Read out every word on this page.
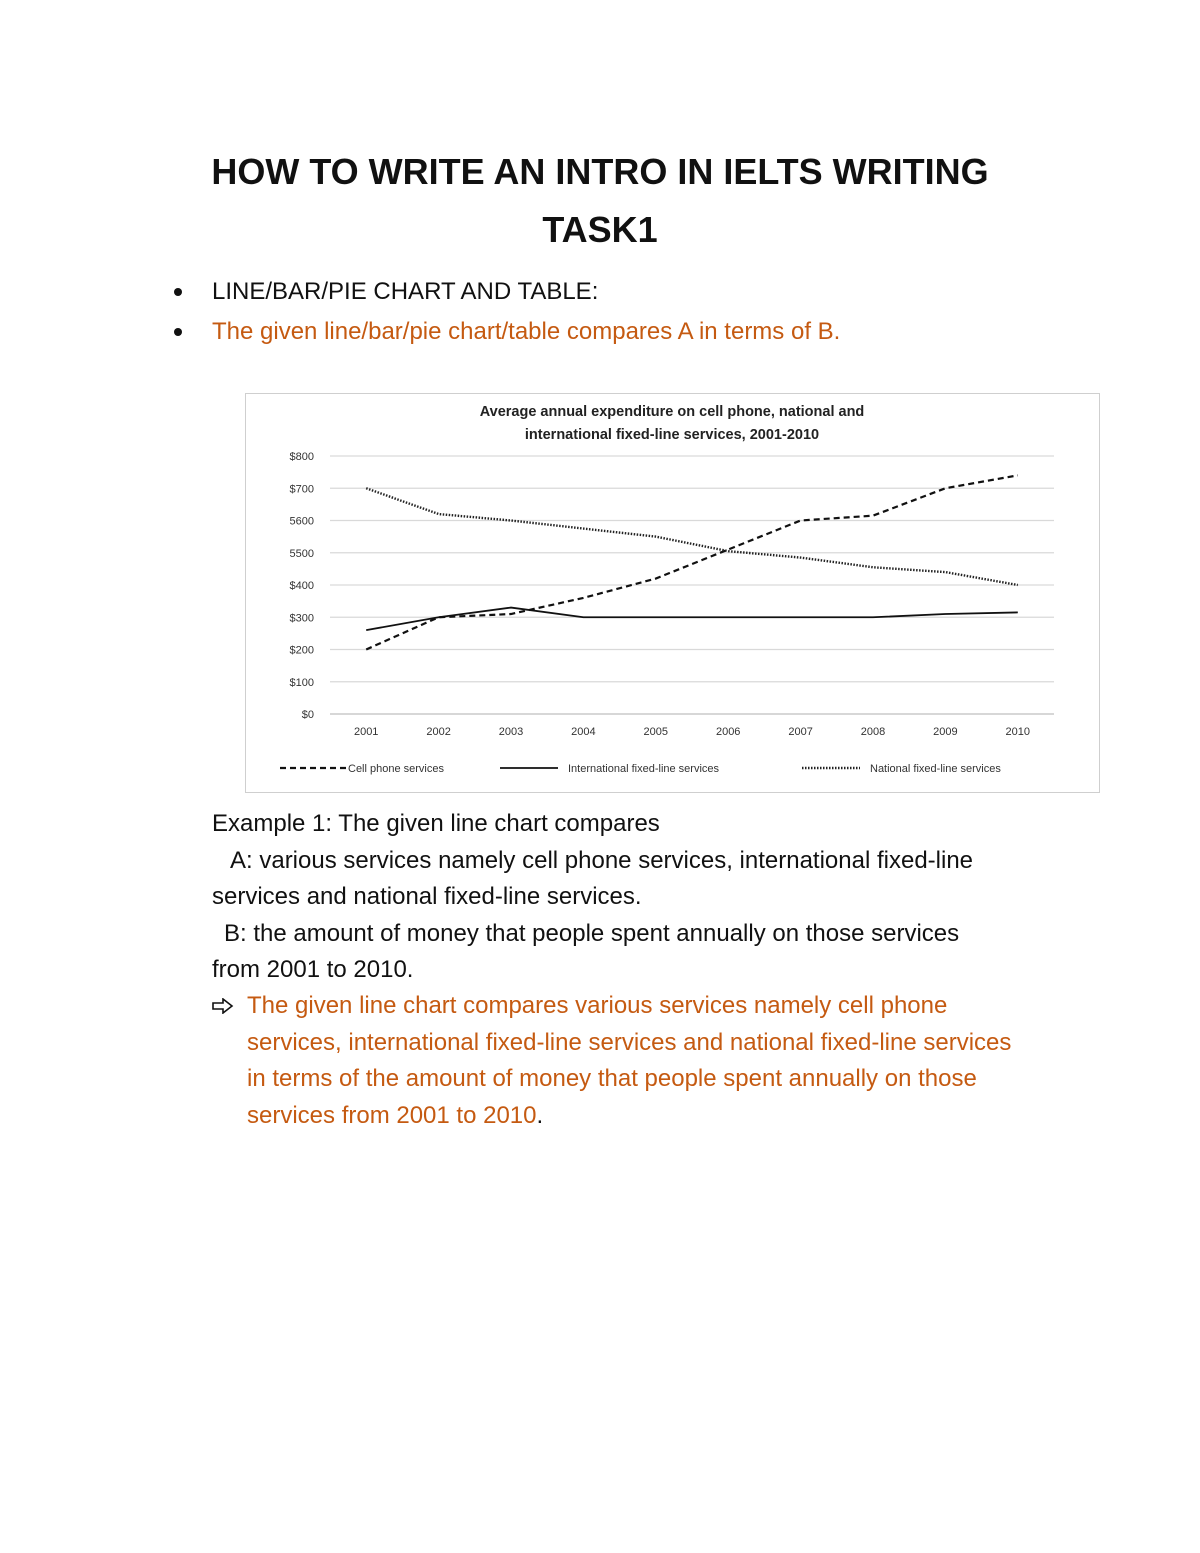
HOW TO WRITE AN INTRO IN IELTS WRITING
TASK1
LINE/BAR/PIE CHART AND TABLE:
The given line/bar/pie chart/table compares A in terms of B.
Average annual expenditure on cell phone, national and
international fixed-line services, 2001-2010
$800
$700
5600
5500
$400
$300
$200
$100
$0
2001	2002	2003	2004	2005	2006	2007	2008	2009	2010
Cell phone services	International fixed-line services	National fixed-line services

Example 1: The given line chart compares

A: various services namely cell phone services, international fixed-line

services and national fixed-line services.

B: the amount of money that people spent annually on those services

from 2001 to 2010.

The given line chart compares various services namely cell phone
services, international fixed-line services and national fixed-line services
in terms of the amount of money that people spent annually on those
services from 2001 to 2010.
